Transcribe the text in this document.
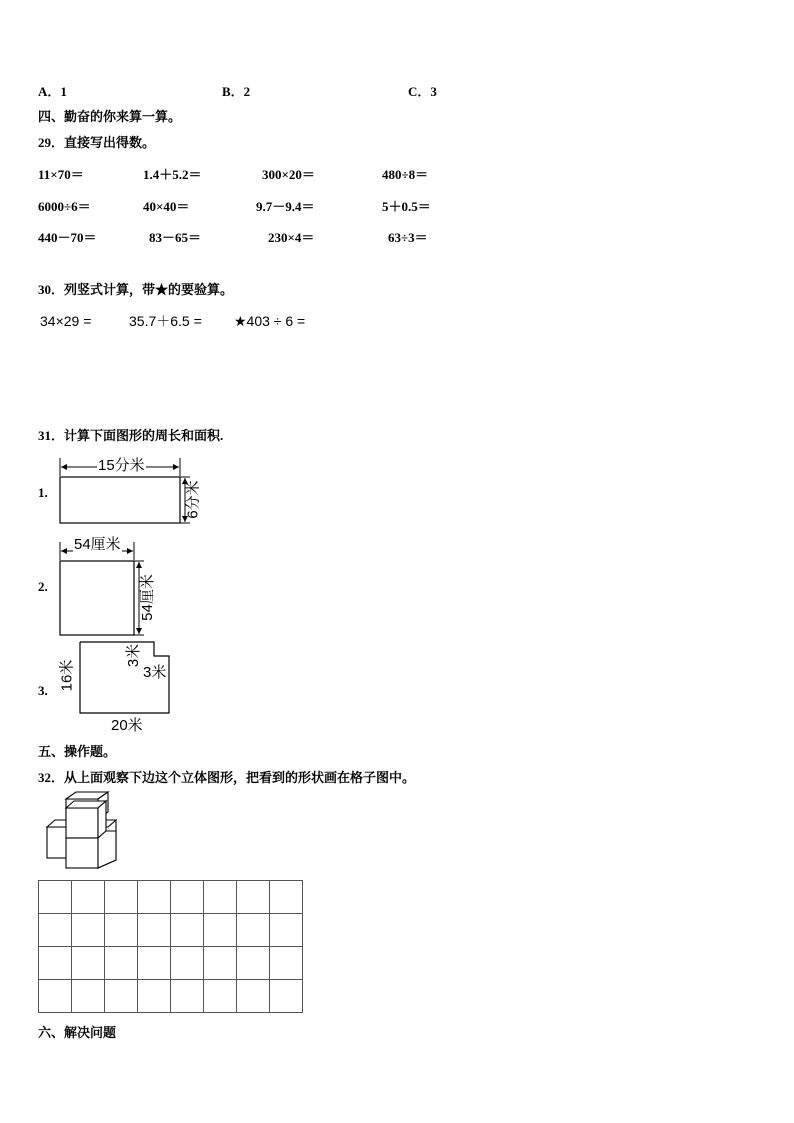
A．1	B．2	C．3
四、勤奋的你来算一算。
29．直接写出得数。
11×70＝	1.4＋5.2＝	300×20＝	480÷8＝
6000÷6＝	40×40＝	9.7－9.4＝	5＋0.5＝
440－70＝	83－65＝	230×4＝	63÷3＝
30．列竖式计算，带★的要验算。
34×29 =	35.7＋6.5 = ★403 ÷ 6 =
31．计算下面图形的周长和面积.
1.
15分米
6分米
2.
54厘米
54厘米
3. 16米
3米
3米
20米
五、操作题。
32．从上面观察下边这个立体图形，把看到的形状画在格子图中。

六、解决问题
